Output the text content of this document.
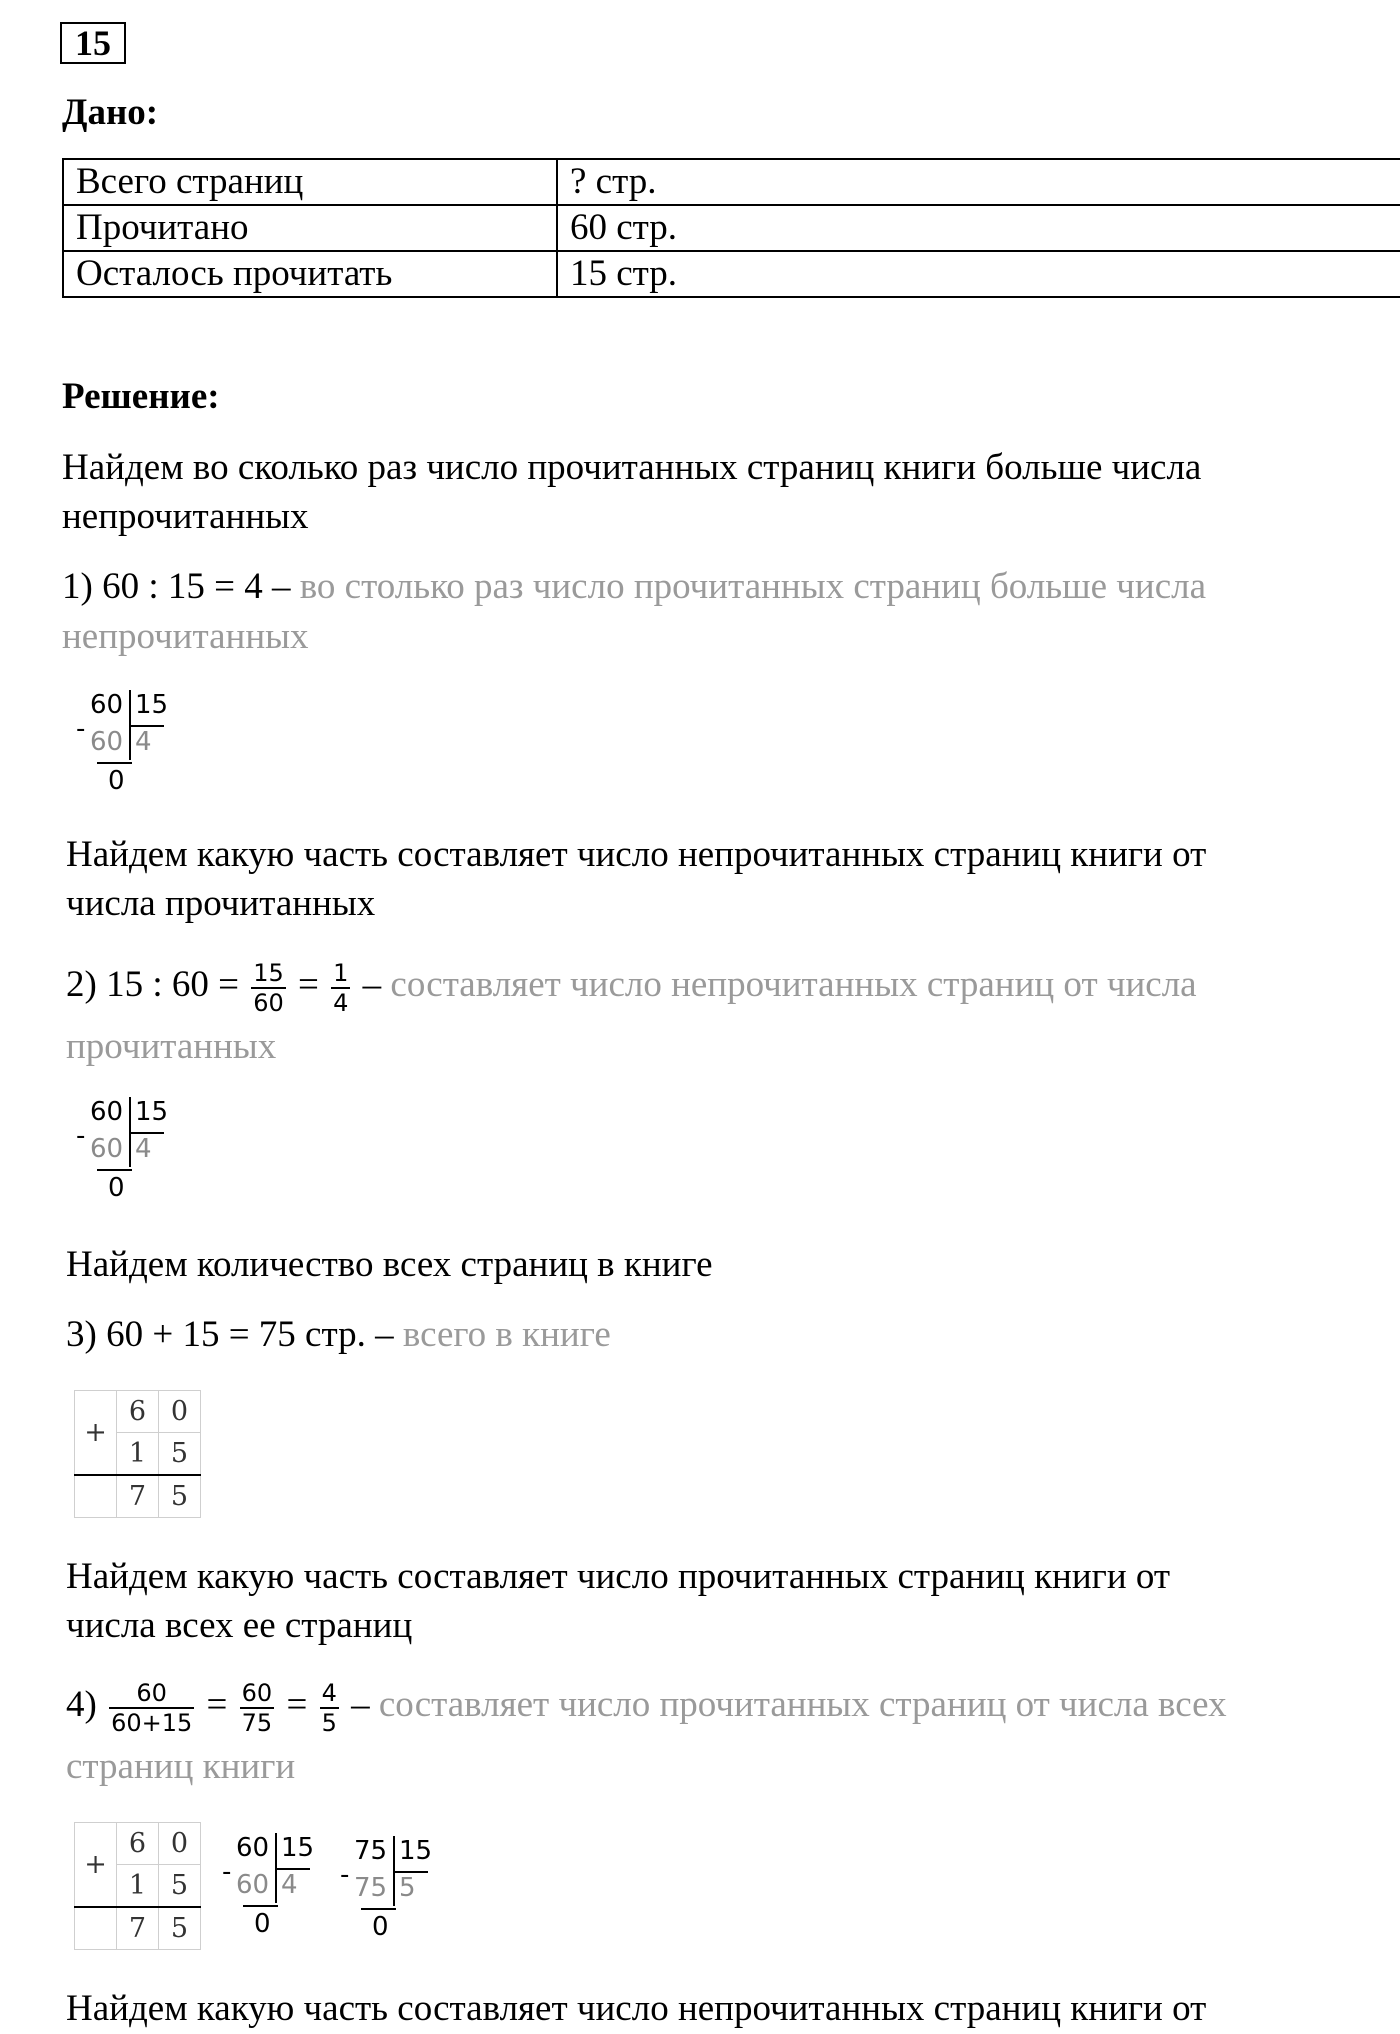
15
Дано:
Всего страниц	? стр.
Прочитано	60 стр.
Осталось прочитать	15 стр.
Решение:
Найдем во сколько раз число прочитанных страниц книги больше числа
непрочитанных
1) 60 : 15 = 4 – во столько раз число прочитанных страниц больше числа
непрочитанных
60 15
- 60 4
0
Найдем какую часть составляет число непрочитанных страниц книги от
числа прочитанных
2) 15 : $60 = \frac{15}{60} = \frac{1}{4}$ – составляет число непрочитанных страниц от числа
прочитанных
60 15
- 60 4
0
Найдем количество всех страниц в книге
3) 60 + 15 = 75 стр. – всего в книге
+	6	0
	1	5
	7	5
Найдем какую часть составляет число прочитанных страниц книги от
числа всех ее страниц
$4) \frac{60}{60+15} = \frac{60}{75} = \frac{4}{5}$ – составляет число прочитанных страниц от числа всех
страниц книги
+	6	0
	1	5
	7	5
60 15
- 60 4
0
75 15
- 75 5
0
Найдем какую часть составляет число непрочитанных страниц книги от
